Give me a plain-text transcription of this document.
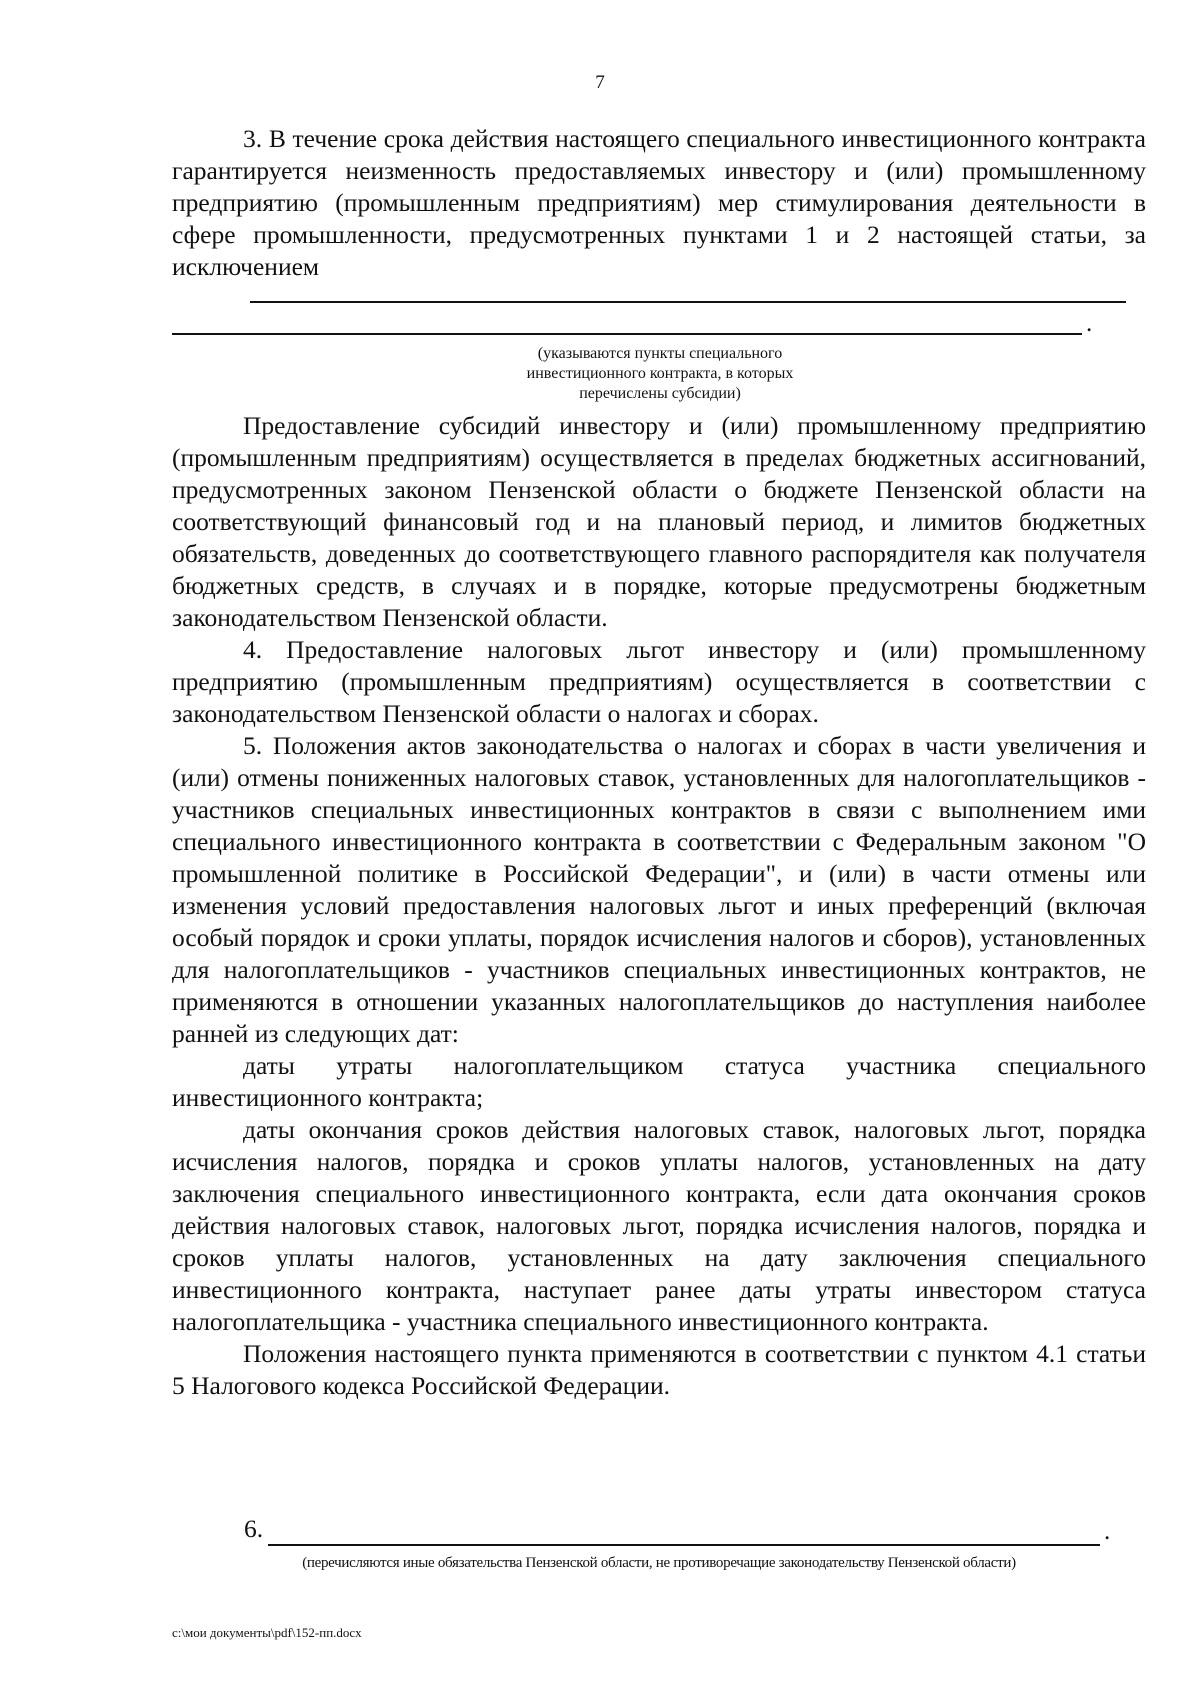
7

3. В течение срока действия настоящего специального инвестиционного контракта гарантируется неизменность предоставляемых инвестору и (или) промышленному предприятию (промышленным предприятиям) мер стимулирования деятельности в сфере промышленности, предусмотренных пунктами 1 и 2 настоящей статьи, за исключением

.
(указываются пункты специального
инвестиционного контракта, в которых
перечислены субсидии)

Предоставление субсидий инвестору и (или) промышленному предприятию (промышленным предприятиям) осуществляется в пределах бюджетных ассигнований, предусмотренных законом Пензенской области о бюджете Пензенской области на соответствующий финансовый год и на плановый период, и лимитов бюджетных обязательств, доведенных до соответствующего главного распорядителя как получателя бюджетных средств, в случаях и в порядке, которые предусмотрены бюджетным законодательством Пензенской области.

4. Предоставление налоговых льгот инвестору и (или) промышленному предприятию (промышленным предприятиям) осуществляется в соответствии с законодательством Пензенской области о налогах и сборах.

5. Положения актов законодательства о налогах и сборах в части увеличения и (или) отмены пониженных налоговых ставок, установленных для налогоплательщиков - участников специальных инвестиционных контрактов в связи с выполнением ими специального инвестиционного контракта в соответствии с Федеральным законом "О промышленной политике в Российской Федерации", и (или) в части отмены или изменения условий предоставления налоговых льгот и иных преференций (включая особый порядок и сроки уплаты, порядок исчисления налогов и сборов), установленных для налогоплательщиков - участников специальных инвестиционных контрактов, не применяются в отношении указанных налогоплательщиков до наступления наиболее ранней из следующих дат:

даты утраты налогоплательщиком статуса участника специального инвестиционного контракта;

даты окончания сроков действия налоговых ставок, налоговых льгот, порядка исчисления налогов, порядка и сроков уплаты налогов, установленных на дату заключения специального инвестиционного контракта, если дата окончания сроков действия налоговых ставок, налоговых льгот, порядка исчисления налогов, порядка и сроков уплаты налогов, установленных на дату заключения специального инвестиционного контракта, наступает ранее даты утраты инвестором статуса налогоплательщика - участника специального инвестиционного контракта.

Положения настоящего пункта применяются в соответствии с пунктом 4.1 статьи 5 Налогового кодекса Российской Федерации.

6.	.
(перечисляются иные обязательства Пензенской области, не противоречащие законодательству Пензенской области)
c:\мои документы\pdf\152-пп.docx
